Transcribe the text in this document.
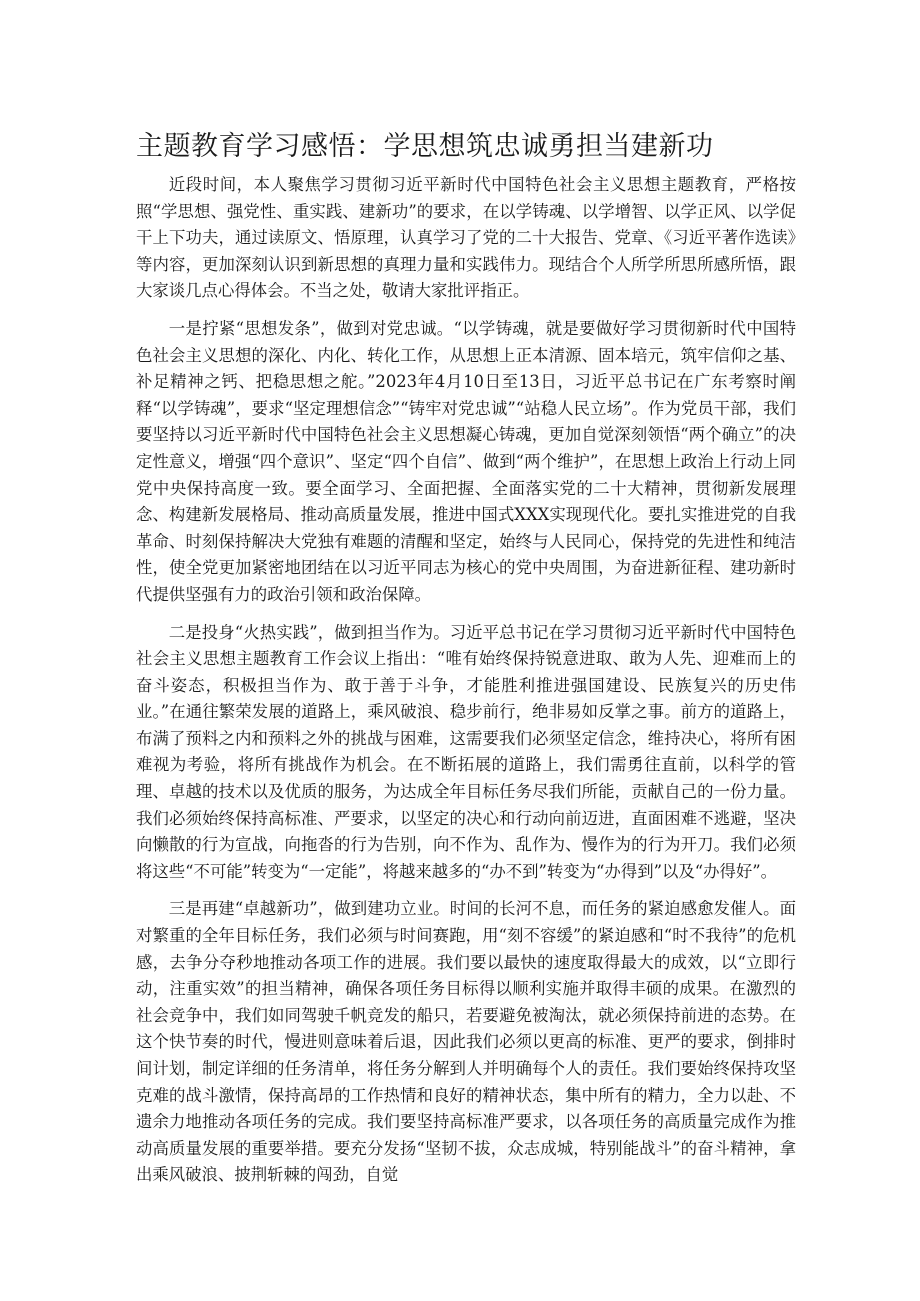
主题教育学习感悟：学思想筑忠诚勇担当建新功

近段时间，本人聚焦学习贯彻习近平新时代中国特色社会主义思想主题教育，严格按照“学思想、强党性、重实践、建新功”的要求，在以学铸魂、以学增智、以学正风、以学促干上下功夫，通过读原文、悟原理，认真学习了党的二十大报告、党章、《习近平著作选读》等内容，更加深刻认识到新思想的真理力量和实践伟力。现结合个人所学所思所感所悟，跟大家谈几点心得体会。不当之处，敬请大家批评指正。

一是拧紧“思想发条”，做到对党忠诚。“以学铸魂，就是要做好学习贯彻新时代中国特色社会主义思想的深化、内化、转化工作，从思想上正本清源、固本培元，筑牢信仰之基、补足精神之钙、把稳思想之舵。”2023年4月10日至13日，习近平总书记在广东考察时阐释“以学铸魂”，要求“坚定理想信念”“铸牢对党忠诚”“站稳人民立场”。作为党员干部，我们要坚持以习近平新时代中国特色社会主义思想凝心铸魂，更加自觉深刻领悟“两个确立”的决定性意义，增强“四个意识”、坚定“四个自信”、做到“两个维护”，在思想上政治上行动上同党中央保持高度一致。要全面学习、全面把握、全面落实党的二十大精神，贯彻新发展理念、构建新发展格局、推动高质量发展，推进中国式XXX实现现代化。要扎实推进党的自我革命、时刻保持解决大党独有难题的清醒和坚定，始终与人民同心，保持党的先进性和纯洁性，使全党更加紧密地团结在以习近平同志为核心的党中央周围，为奋进新征程、建功新时代提供坚强有力的政治引领和政治保障。

二是投身“火热实践”，做到担当作为。习近平总书记在学习贯彻习近平新时代中国特色社会主义思想主题教育工作会议上指出：“唯有始终保持锐意进取、敢为人先、迎难而上的奋斗姿态，积极担当作为、敢于善于斗争，才能胜利推进强国建设、民族复兴的历史伟业。”在通往繁荣发展的道路上，乘风破浪、稳步前行，绝非易如反掌之事。前方的道路上，布满了预料之内和预料之外的挑战与困难，这需要我们必须坚定信念，维持决心，将所有困难视为考验，将所有挑战作为机会。在不断拓展的道路上，我们需勇往直前，以科学的管理、卓越的技术以及优质的服务，为达成全年目标任务尽我们所能，贡献自己的一份力量。我们必须始终保持高标准、严要求，以坚定的决心和行动向前迈进，直面困难不逃避，坚决向懒散的行为宣战，向拖沓的行为告别，向不作为、乱作为、慢作为的行为开刀。我们必须将这些“不可能”转变为“一定能”，将越来越多的“办不到”转变为“办得到”以及“办得好”。

三是再建“卓越新功”，做到建功立业。时间的长河不息，而任务的紧迫感愈发催人。面对繁重的全年目标任务，我们必须与时间赛跑，用“刻不容缓”的紧迫感和“时不我待”的危机感，去争分夺秒地推动各项工作的进展。我们要以最快的速度取得最大的成效，以“立即行动，注重实效”的担当精神，确保各项任务目标得以顺利实施并取得丰硕的成果。在激烈的社会竞争中，我们如同驾驶千帆竞发的船只，若要避免被淘汰，就必须保持前进的态势。在这个快节奏的时代，慢进则意味着后退，因此我们必须以更高的标准、更严的要求，倒排时间计划，制定详细的任务清单，将任务分解到人并明确每个人的责任。我们要始终保持攻坚克难的战斗激情，保持高昂的工作热情和良好的精神状态，集中所有的精力，全力以赴、不遗余力地推动各项任务的完成。我们要坚持高标准严要求，以各项任务的高质量完成作为推动高质量发展的重要举措。要充分发扬“坚韧不拔，众志成城，特别能战斗”的奋斗精神，拿出乘风破浪、披荆斩棘的闯劲，自觉
